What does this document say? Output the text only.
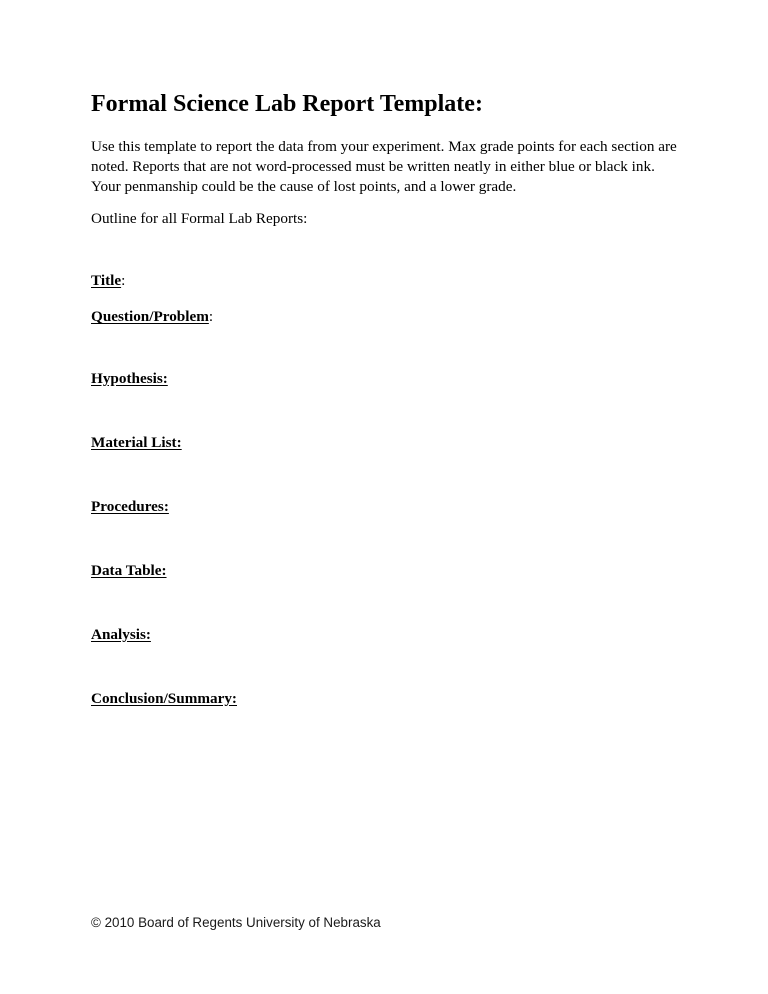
Formal Science Lab Report Template:

Use this template to report the data from your experiment. Max grade points for each section are
noted. Reports that are not word-processed must be written neatly in either blue or black ink.
Your penmanship could be the cause of lost points, and a lower grade.

Outline for all Formal Lab Reports:

Title:

Question/Problem:

Hypothesis:

Material List:

Procedures:

Data Table:

Analysis:

Conclusion/Summary:

© 2010 Board of Regents University of Nebraska
